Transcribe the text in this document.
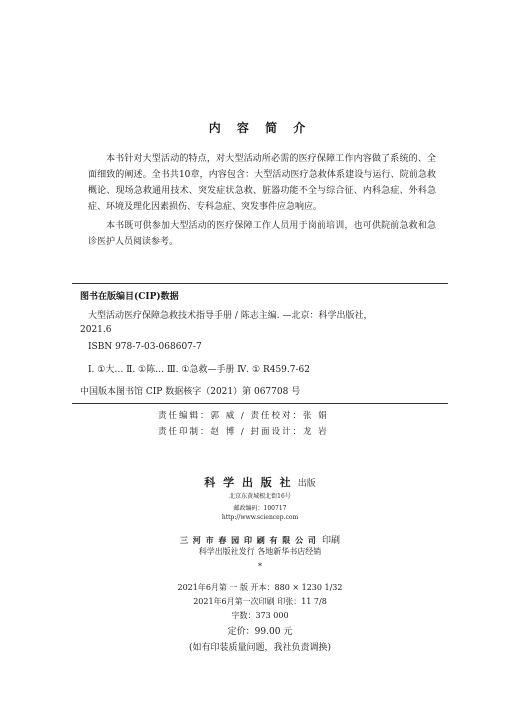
内 容 简 介
本书针对大型活动的特点，对大型活动所必需的医疗保障工作内容做了系统的、全面细致的阐述。全书共10章，内容包含：大型活动医疗急救体系建设与运行、院前急救概论、现场急救通用技术、突发症状急救、脏器功能不全与综合征、内科急症、外科急症、环境及理化因素损伤、专科急症、突发事件应急响应。
本书既可供参加大型活动的医疗保障工作人员用于岗前培训，也可供院前急救和急诊医护人员阅读参考。
图书在版编目(CIP)数据
大型活动医疗保障急救技术指导手册 / 陈志主编. —北京：科学出版社，
2021.6
ISBN 978-7-03-068607-7
Ⅰ. ①大… Ⅱ. ①陈… Ⅲ. ①急救—手册 Ⅳ. ① R459.7-62
中国版本图书馆 CIP 数据核字（2021）第 067708 号
责任编辑：郭 威 / 责任校对：张 娟
责任印制：赵 博 / 封面设计：龙 岩
科 学 出 版 社 出版
北京东黄城根北街16号
邮政编码：100717
http://www.sciencep.com
三 河 市 春 园 印 刷 有 限 公 司 印刷
科学出版社发行 各地新华书店经销
*
2021年6月第 一 版 开本：880 × 1230 1/32
2021年6月第一次印刷 印张：11 7/8
字数：373 000
定价：99.00 元
(如有印装质量问题，我社负责调换)
